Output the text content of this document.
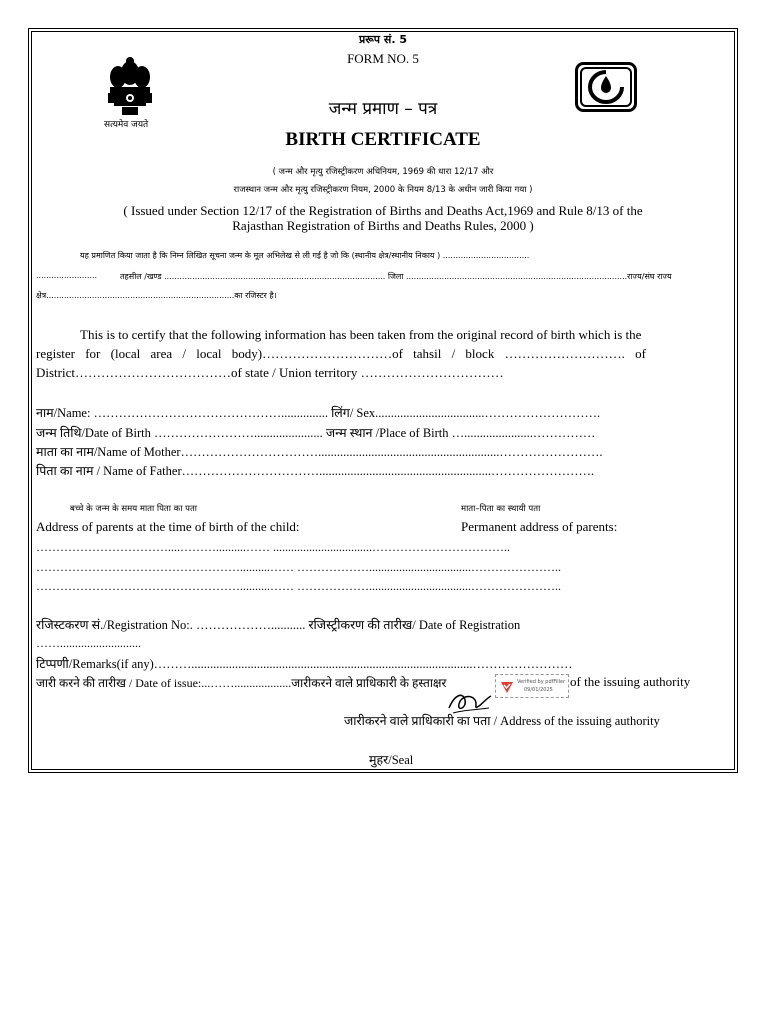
सत्यमेव जयते
प्ररूप सं. 5
FORM NO. 5
जन्म प्रमाण – पत्र
BIRTH CERTIFICATE
( जन्म और मृत्यु रजिस्ट्रीकरण अधिनियम, 1969 की धारा 12/17 और
राजस्थान जन्म और मृत्यु रजिस्ट्रीकरण नियम, 2000 के नियम 8/13 के अधीन जारी किया गया )
( Issued under Section 12/17 of the Registration of Births and Deaths Act,1969 and Rule 8/13 of the
Rajasthan Registration of Births and Deaths Rules, 2000 )
यह प्रमाणित किया जाता है कि निम्न लिखित सूचना जन्म के मूल अभिलेख से ली गई है जो कि (स्थानीय क्षेत्र/स्थानीय निकाय ) ..................................
........................	तहसील /खण्ड ....................................................................................... जिला .......................................................................................राज्य/संघ राज्य
क्षेत्र..........................................................................का रजिस्टर है।
This is to certify that the following information has been taken from the original record of birth which is the
register for (local area / local body)…………………………of tahsil / block ………………………. of
District………………………………of state / Union territory ……………………………
नाम/Name: ………………………………………............... लिंग/ Sex...................................……………………….
जन्म तिथि/Date of Birth ……………………...................... जन्म स्थान /Place of Birth …......................……………
माता का नाम/Name of Mother……………………………..........................................................…………………….
पिता का नाम / Name of Father…………………………….......................................................…………………….
बच्चे के जन्म के समय माता पिता का पता	माता–पिता का स्थायी पता
Address of parents at the time of birth of the child:	Permanent address of parents:
……………………………....………..........…… .................................……………………………..
……………………………………………..........…… ………………..................................…………………..
……………………………………………..........…… ………………..................................…………………..
रजिस्टकरण सं./Registration No:. ………………........... रजिस्ट्रीकरण की तारीख/ Date of Registration
……...........................
टिप्पणी/Remarks(if any)………..........................................................................................……………………
जारी करने की तारीख / Date of issue:...……...................जारीकरने वाले प्राधिकारी के हस्ताक्षर	of the issuing authority
Verified by pdfFiller
09/01/2025
जारीकरने वाले प्राधिकारी का पता / Address of the issuing authority
मुहर/Seal
